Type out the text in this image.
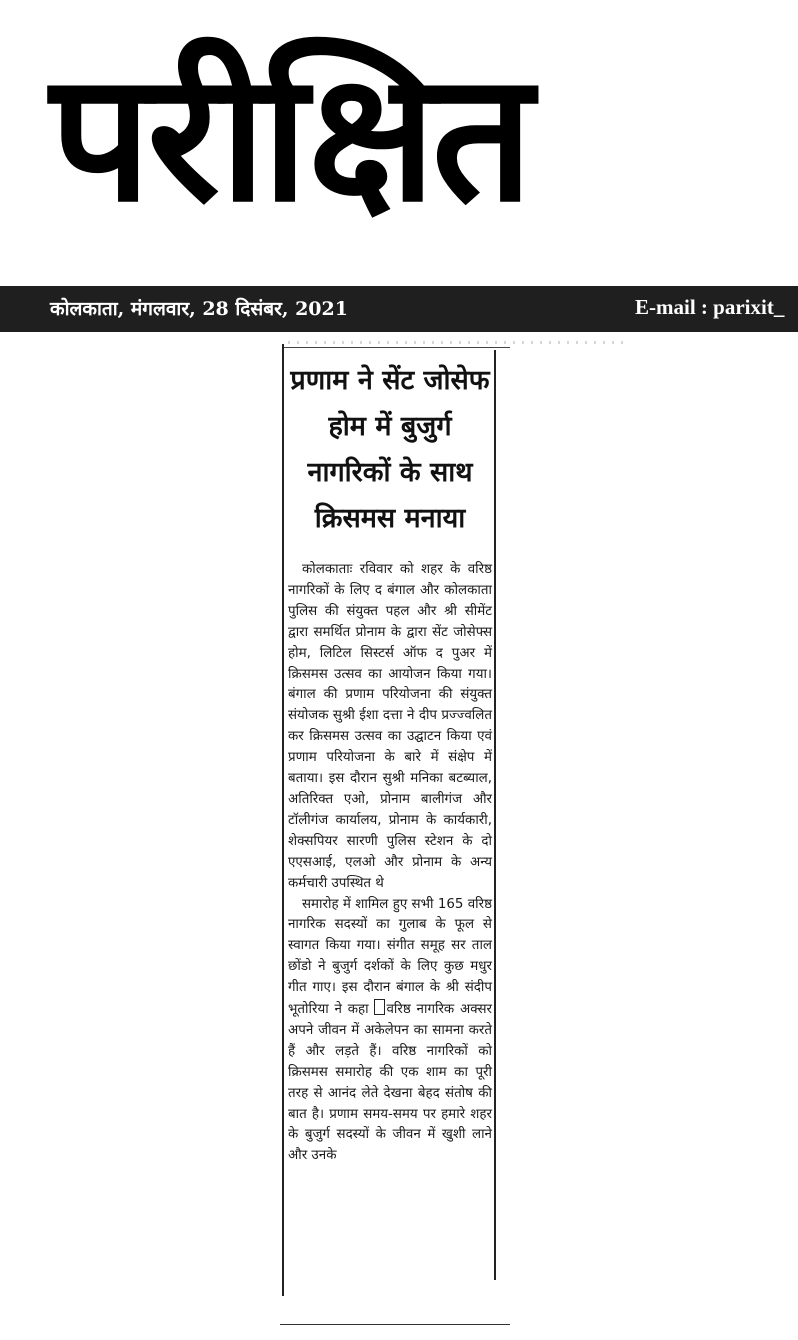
परीक्षित
कोलकाता, मंगलवार, 28 दिसंबर, 2021	E-mail : parixit_
प्रणाम ने सेंट जोसेफ होम में बुजुर्ग नागरिकों के साथ क्रिसमस मनाया

कोलकाताः रविवार को शहर के वरिष्ठ नागरिकों के लिए द बंगाल और कोलकाता पुलिस की संयुक्त पहल और श्री सीमेंट द्वारा समर्थित प्रोनाम के द्वारा सेंट जोसेफ्स होम, लिटिल सिस्टर्स ऑफ द पुअर में क्रिसमस उत्सव का आयोजन किया गया। बंगाल की प्रणाम परियोजना की संयुक्त संयोजक सुश्री ईशा दत्ता ने दीप प्रज्ज्वलित कर क्रिसमस उत्सव का उद्घाटन किया एवं प्रणाम परियोजना के बारे में संक्षेप में बताया। इस दौरान सुश्री मनिका बटब्याल, अतिरिक्त एओ, प्रोनाम बालीगंज और टॉलीगंज कार्यालय, प्रोनाम के कार्यकारी, शेक्सपियर सारणी पुलिस स्टेशन के दो एएसआई, एलओ और प्रोनाम के अन्य कर्मचारी उपस्थित थे

समारोह में शामिल हुए सभी 165 वरिष्ठ नागरिक सदस्यों का गुलाब के फूल से स्वागत किया गया। संगीत समूह सर ताल छोंडो ने बुजुर्ग दर्शकों के लिए कुछ मधुर गीत गाए। इस दौरान बंगाल के श्री संदीप भूतोरिया ने कहा वरिष्ठ नागरिक अक्सर अपने जीवन में अकेलेपन का सामना करते हैं और लड़ते हैं। वरिष्ठ नागरिकों को क्रिसमस समारोह की एक शाम का पूरी तरह से आनंद लेते देखना बेहद संतोष की बात है। प्रणाम समय-समय पर हमारे शहर के बुजुर्ग सदस्यों के जीवन में खुशी लाने और उनके
